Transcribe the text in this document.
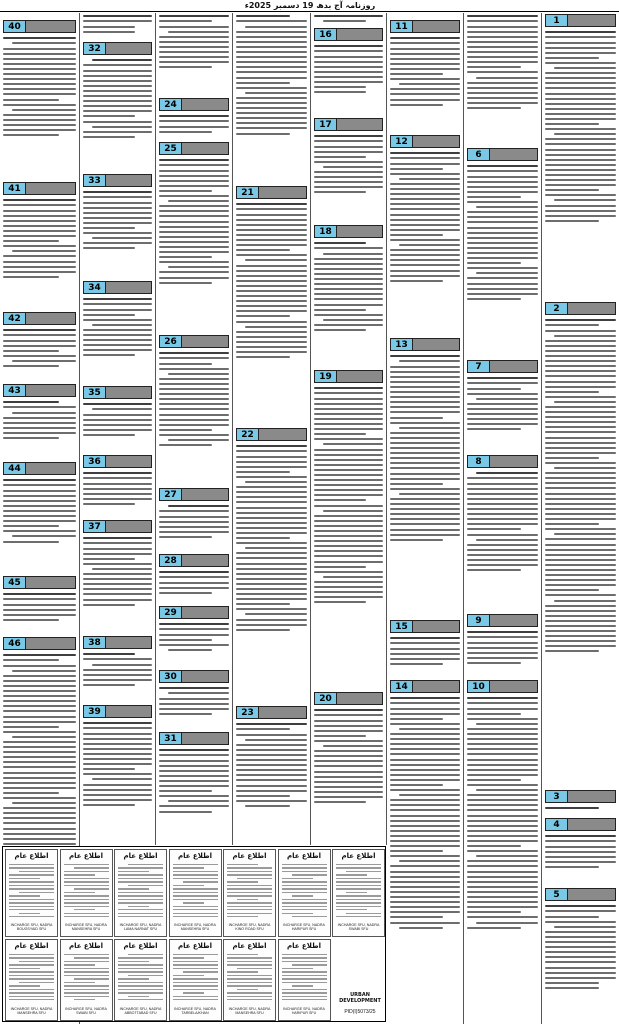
روزنامہ آج بدھ 19 دسمبر 2025ء
40
41
42
43
44
45
46
32
33
34
35
36
37
38
39
24
25
26
27
28
29
30
31
21
22
23
16
17
18
19
20
11
12
13
15
14
6
7
8
9
10
1
2
3
4
5
اطلاع عام
INCHARGE SFU, NADRA BOUGSYAID SFU
اطلاع عام
INCHARGE SFU, NADRA MANSEHRA SFU
اطلاع عام
INCHARGE SFU, NADRA LAMA NARNAT SFU
اطلاع عام
INCHARGE SFU, NADRA MANSEHRA SFU
اطلاع عام
INCHARGE SFU, NADRA KINO ROAD SFU
اطلاع عام
INCHARGE SFU, NADRA HARIPUR SFU
اطلاع عام
INCHARGE SFU, NADRA SWABI SFU
اطلاع عام
INCHARGE SFU, NADRA MANSEHRA SFU
اطلاع عام
INCHARGE SFU, NADRA SWABI SFU
اطلاع عام
INCHARGE SFU, NADRA ABBOTTABAD SFU
اطلاع عام
INCHARGE SFU, NADRA TARBELA/KHAN
اطلاع عام
INCHARGE SFU, NADRA MANSEHRA SFU
اطلاع عام
INCHARGE SFU, NADRA HARIPUR SFU
URBAN DEVELOPMENT
PID(I)5073/25
